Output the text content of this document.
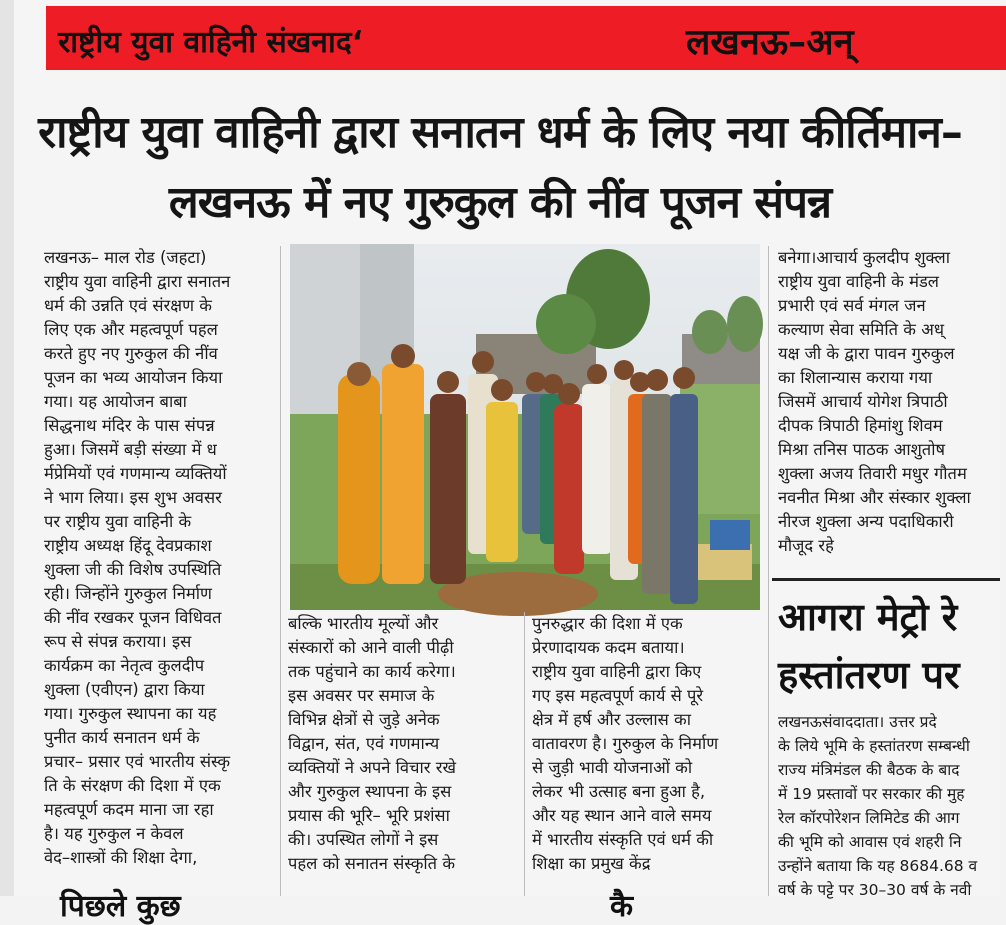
राष्ट्रीय युवा वाहिनी संखनाद‘	लखनऊ–अन्
राष्ट्रीय युवा वाहिनी द्वारा सनातन धर्म के लिए नया कीर्तिमान–
लखनऊ में नए गुरुकुल की नींव पूजन संपन्न
लखनऊ– माल रोड (जहटा)
राष्ट्रीय युवा वाहिनी द्वारा सनातन
धर्म की उन्नति एवं संरक्षण के
लिए एक और महत्वपूर्ण पहल
करते हुए नए गुरुकुल की नींव
पूजन का भव्य आयोजन किया
गया। यह आयोजन बाबा
सिद्धनाथ मंदिर के पास संपन्न
हुआ। जिसमें बड़ी संख्या में ध
र्मप्रेमियों एवं गणमान्य व्यक्तियों
ने भाग लिया। इस शुभ अवसर
पर राष्ट्रीय युवा वाहिनी के
राष्ट्रीय अध्यक्ष हिंदू देवप्रकाश
शुक्ला जी की विशेष उपस्थिति
रही। जिन्होंने गुरुकुल निर्माण
की नींव रखकर पूजन विधिवत
रूप से संपन्न कराया। इस
कार्यक्रम का नेतृत्व कुलदीप
शुक्ला (एवीएन) द्वारा किया
गया। गुरुकुल स्थापना का यह
पुनीत कार्य सनातन धर्म के
प्रचार– प्रसार एवं भारतीय संस्कृ
ति के संरक्षण की दिशा में एक
महत्वपूर्ण कदम माना जा रहा
है। यह गुरुकुल न केवल
वेद–शास्त्रों की शिक्षा देगा,
बनेगा।आचार्य कुलदीप शुक्ला
राष्ट्रीय युवा वाहिनी के मंडल
प्रभारी एवं सर्व मंगल जन
कल्याण सेवा समिति के अध्
यक्ष जी के द्वारा पावन गुरुकुल
का शिलान्यास कराया गया
जिसमें आचार्य योगेश त्रिपाठी
दीपक त्रिपाठी हिमांशु शिवम
मिश्रा तनिस पाठक आशुतोष
शुक्ला अजय तिवारी मधुर गौतम
नवनीत मिश्रा और संस्कार शुक्ला
नीरज शुक्ला अन्य पदाधिकारी
मौजूद रहे
आगरा मेट्रो रे
हस्तांतरण पर
बल्कि भारतीय मूल्यों और
संस्कारों को आने वाली पीढ़ी
तक पहुंचाने का कार्य करेगा।
इस अवसर पर समाज के
विभिन्न क्षेत्रों से जुड़े अनेक
विद्वान, संत, एवं गणमान्य
व्यक्तियों ने अपने विचार रखे
और गुरुकुल स्थापना के इस
प्रयास की भूरि– भूरि प्रशंसा
की। उपस्थित लोगों ने इस
पहल को सनातन संस्कृति के
पुनरुद्धार की दिशा में एक
प्रेरणादायक कदम बताया।
राष्ट्रीय युवा वाहिनी द्वारा किए
गए इस महत्वपूर्ण कार्य से पूरे
क्षेत्र में हर्ष और उल्लास का
वातावरण है। गुरुकुल के निर्माण
से जुड़ी भावी योजनाओं को
लेकर भी उत्साह बना हुआ है,
और यह स्थान आने वाले समय
में भारतीय संस्कृति एवं धर्म की
शिक्षा का प्रमुख केंद्र
लखनऊसंवाददाता। उत्तर प्रदे
के लिये भूमि के हस्तांतरण सम्बन्धी
राज्य मंत्रिमंडल की बैठक के बाद
में 19 प्रस्तावों पर सरकार की मुह
रेल कॉरपोरेशन लिमिटेड की आग
की भूमि को आवास एवं शहरी नि
उन्होंने बताया कि यह 8684.68 व
वर्ष के पट्टे पर 30–30 वर्ष के नवी
पिछले कुछ	कै
